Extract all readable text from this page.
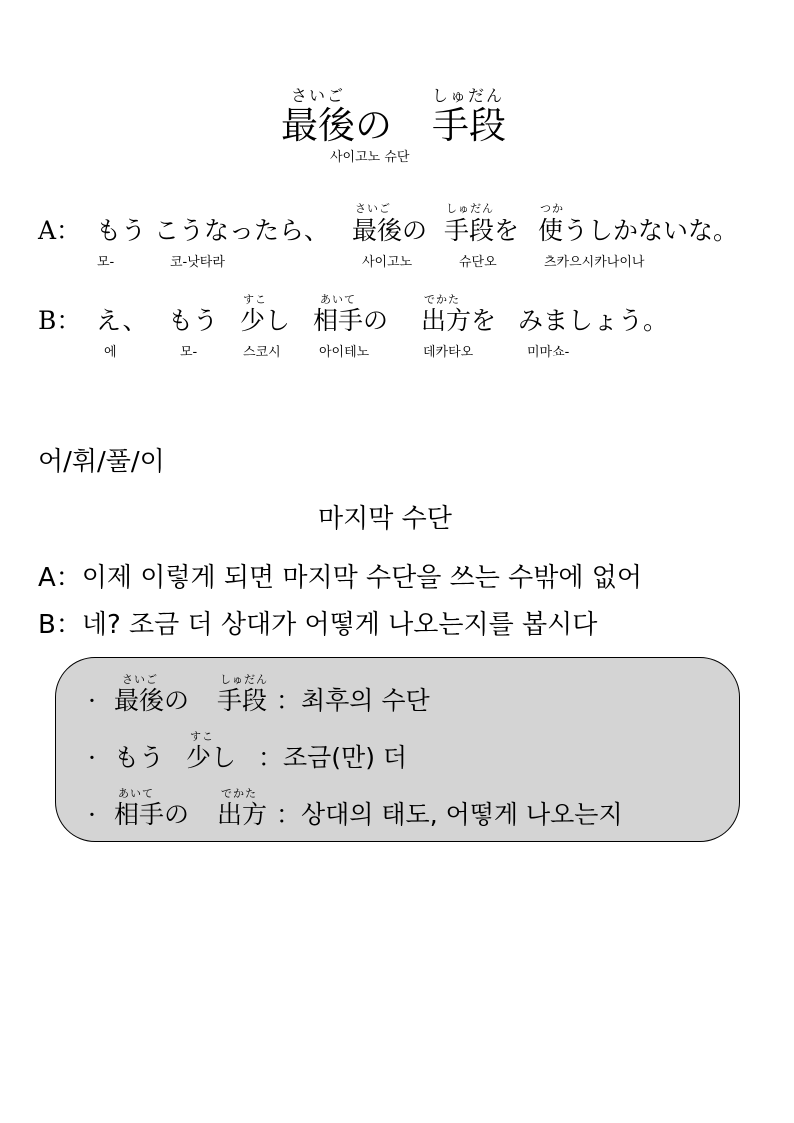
さいご	しゅだん
最後の 手段
사이고노 슈단
さいご	しゅだん	つか
A： もう こうなったら、 最後の 手段を 使うしかないな。
모-	코-낫타라	사이고노	슈단오	츠카으시카나이나
すこ	あいて	でかた
B： え、 もう 少し 相手の 出方を みましょう。
에	모-	스코시	아이테노	데카타오	미마쇼-
어/휘/풀/이
마지막 수단
A：이제 이렇게 되면 마지막 수단을 쓰는 수밖에 없어
B：네? 조금 더 상대가 어떻게 나오는지를 봅시다
さいご	しゅだん
· 最後の 手段 ：최후의 수단
すこ
· もう 少し ：조금(만) 더
あいて	でかた
· 相手の 出方 ：상대의 태도, 어떻게 나오는지
